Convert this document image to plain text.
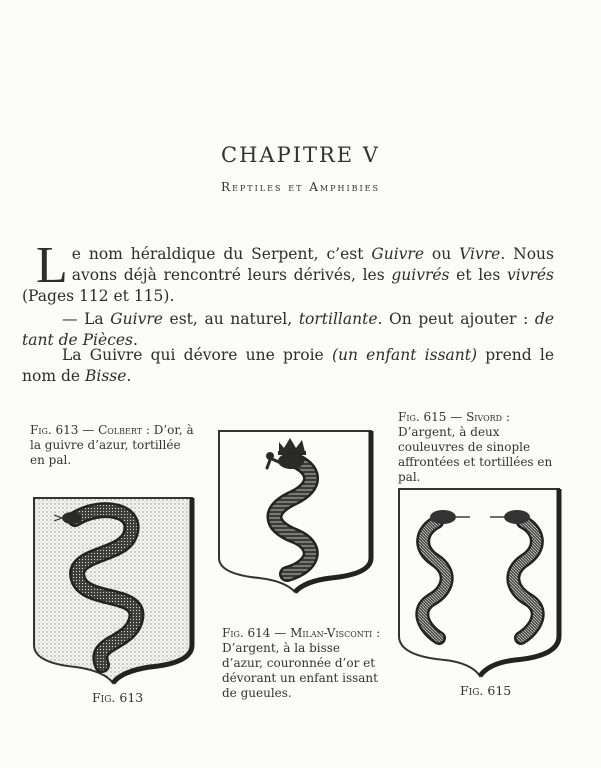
CHAPITRE V
Reptiles et Amphibies
Le nom héraldique du Serpent, c’est Guivre ou Vivre. Nous avons déjà rencontré leurs dérivés, les guivrés et les vivrés (Pages 112 et 115).
— La Guivre est, au naturel, tortillante. On peut ajouter : de tant de Pièces.
La Guivre qui dévore une proie (un enfant issant) prend le nom de Bisse.
Fig. 613 — Colbert : D’or, à la guivre d’azur, tortillée en pal.
Fig. 615 — Sivord : D’argent, à deux couleuvres de sinople affrontées et tortillées en pal.
Fig. 614 — Milan-Visconti : D’argent, à la bisse d’azur, couronnée d’or et dévorant un enfant issant de gueules.
Fig. 613	Fig. 615
